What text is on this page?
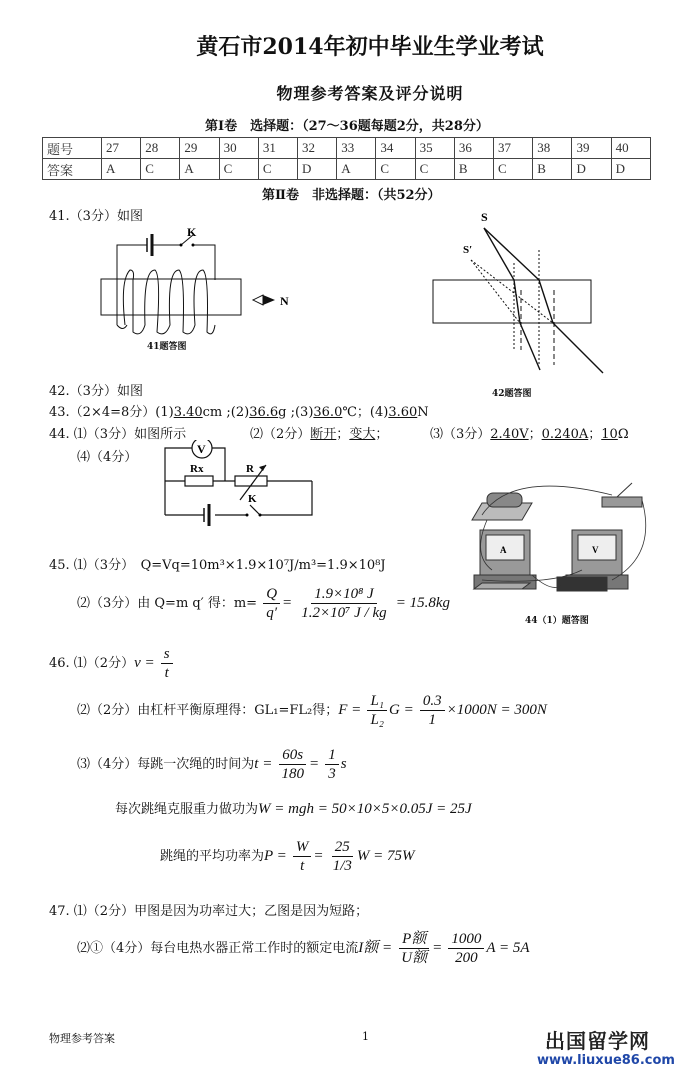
黄石市2014年初中毕业生学业考试
物理参考答案及评分说明
第Ⅰ卷　选择题：（27～36题每题2分，共28分）
题号	27	28	29	30	31	32	33	34	35	36	37	38	39	40
答案	A	C	A	C	C	D	A	C	C	B	C	B	D	D
第Ⅱ卷　非选择题：（共52分）
41.（3分）如图
K
N
41题答图
S
S′
42题答图
42.（3分）如图
43.（2×4=8分）(1)3.40cm ;(2)36.6g ;(3)36.0℃；(4)3.60N
44. ⑴（3分）如图所示	⑵（2分）断开；变大；	⑶（3分）2.40V；0.240A；10Ω
⑷（4分）
V
Rx	R
K
A	V
44（1）题答图
45. ⑴（3分）　Q=Vq=10m³×1.9×10⁷J/m³=1.9×10⁸J
⑵（3分）由 Q=m q′ 得：$m= \frac{Q}{q'} = \frac{\text{1.9×10⁸ J}}{\text{1.2×10⁷ J / kg}} = 15.8kg$
46. ⑴（2分）$v = \frac{s}{t}$
⑵（2分）由杠杆平衡原理得：GL₁=FL₂得；$F = \frac{\text{L₁}}{\text{L₂}}$ $G = \frac{0.3}{1} \times 1000N = 300N$
⑶（4分）每跳一次绳的时间为$t = \frac{60s}{180} = \frac{1}{3}$ s
每次跳绳克服重力做功为W = mgh = 50×10×5×0.05J = 25J
跳绳的平均功率为$P = \frac{W}{t} = \frac{25}{1/3}$ W = 75W
47. ⑴（2分）甲图是因为功率过大；乙图是因为短路；
⑵①（4分）每台电热水器正常工作时的额定电流I额 = $\frac{\text{P额}}{\text{U额}} = \frac{1000}{200}$ A = 5A
物理参考答案	1	出国留学网
www.liuxue86.com
